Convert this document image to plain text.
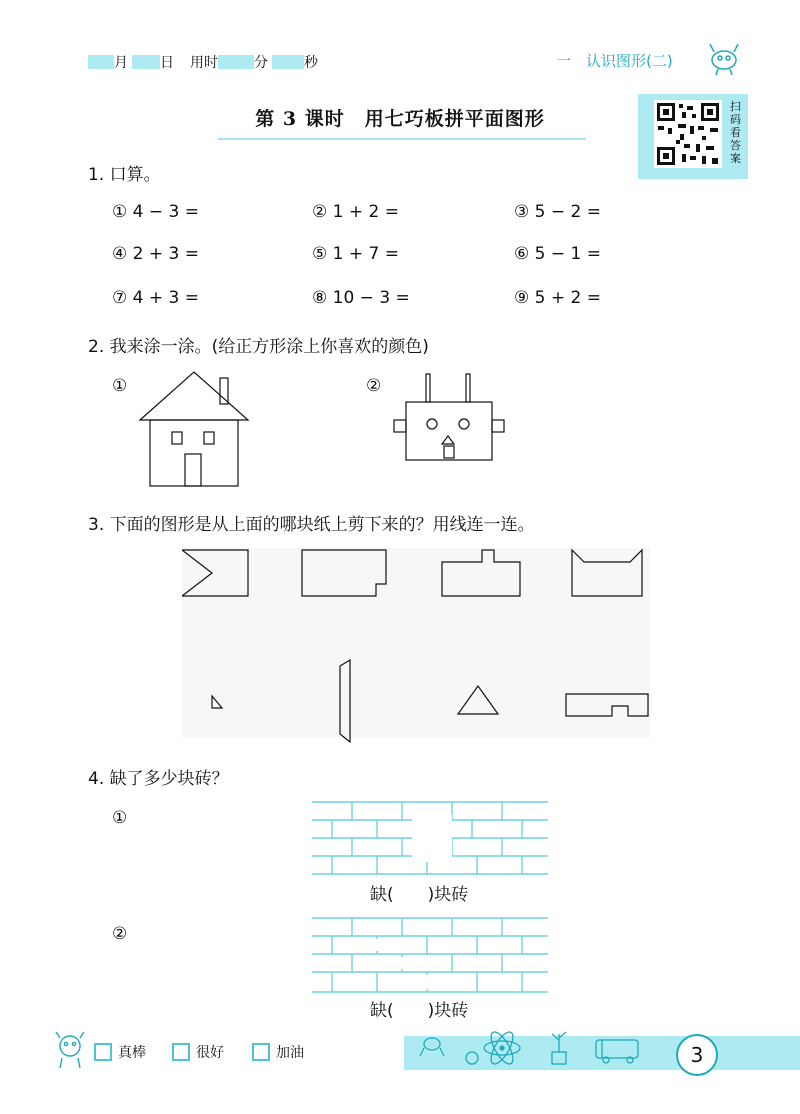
月 日 用时	分	秒	一　认识图形(二)
第 3 课时　用七巧板拼平面图形
扫码看答案
1. 口算。
① 4 − 3 =	② 1 + 2 =	③ 5 − 2 =
④ 2 + 3 =	⑤ 1 + 7 =	⑥ 5 − 1 =
⑦ 4 + 3 =	⑧ 10 − 3 =	⑨ 5 + 2 =
2. 我来涂一涂。(给正方形涂上你喜欢的颜色)
①	②
3. 下面的图形是从上面的哪块纸上剪下来的？用线连一连。
4. 缺了多少块砖？
①
②
缺(　　)块砖
缺(　　)块砖
真棒	很好	加油	3
